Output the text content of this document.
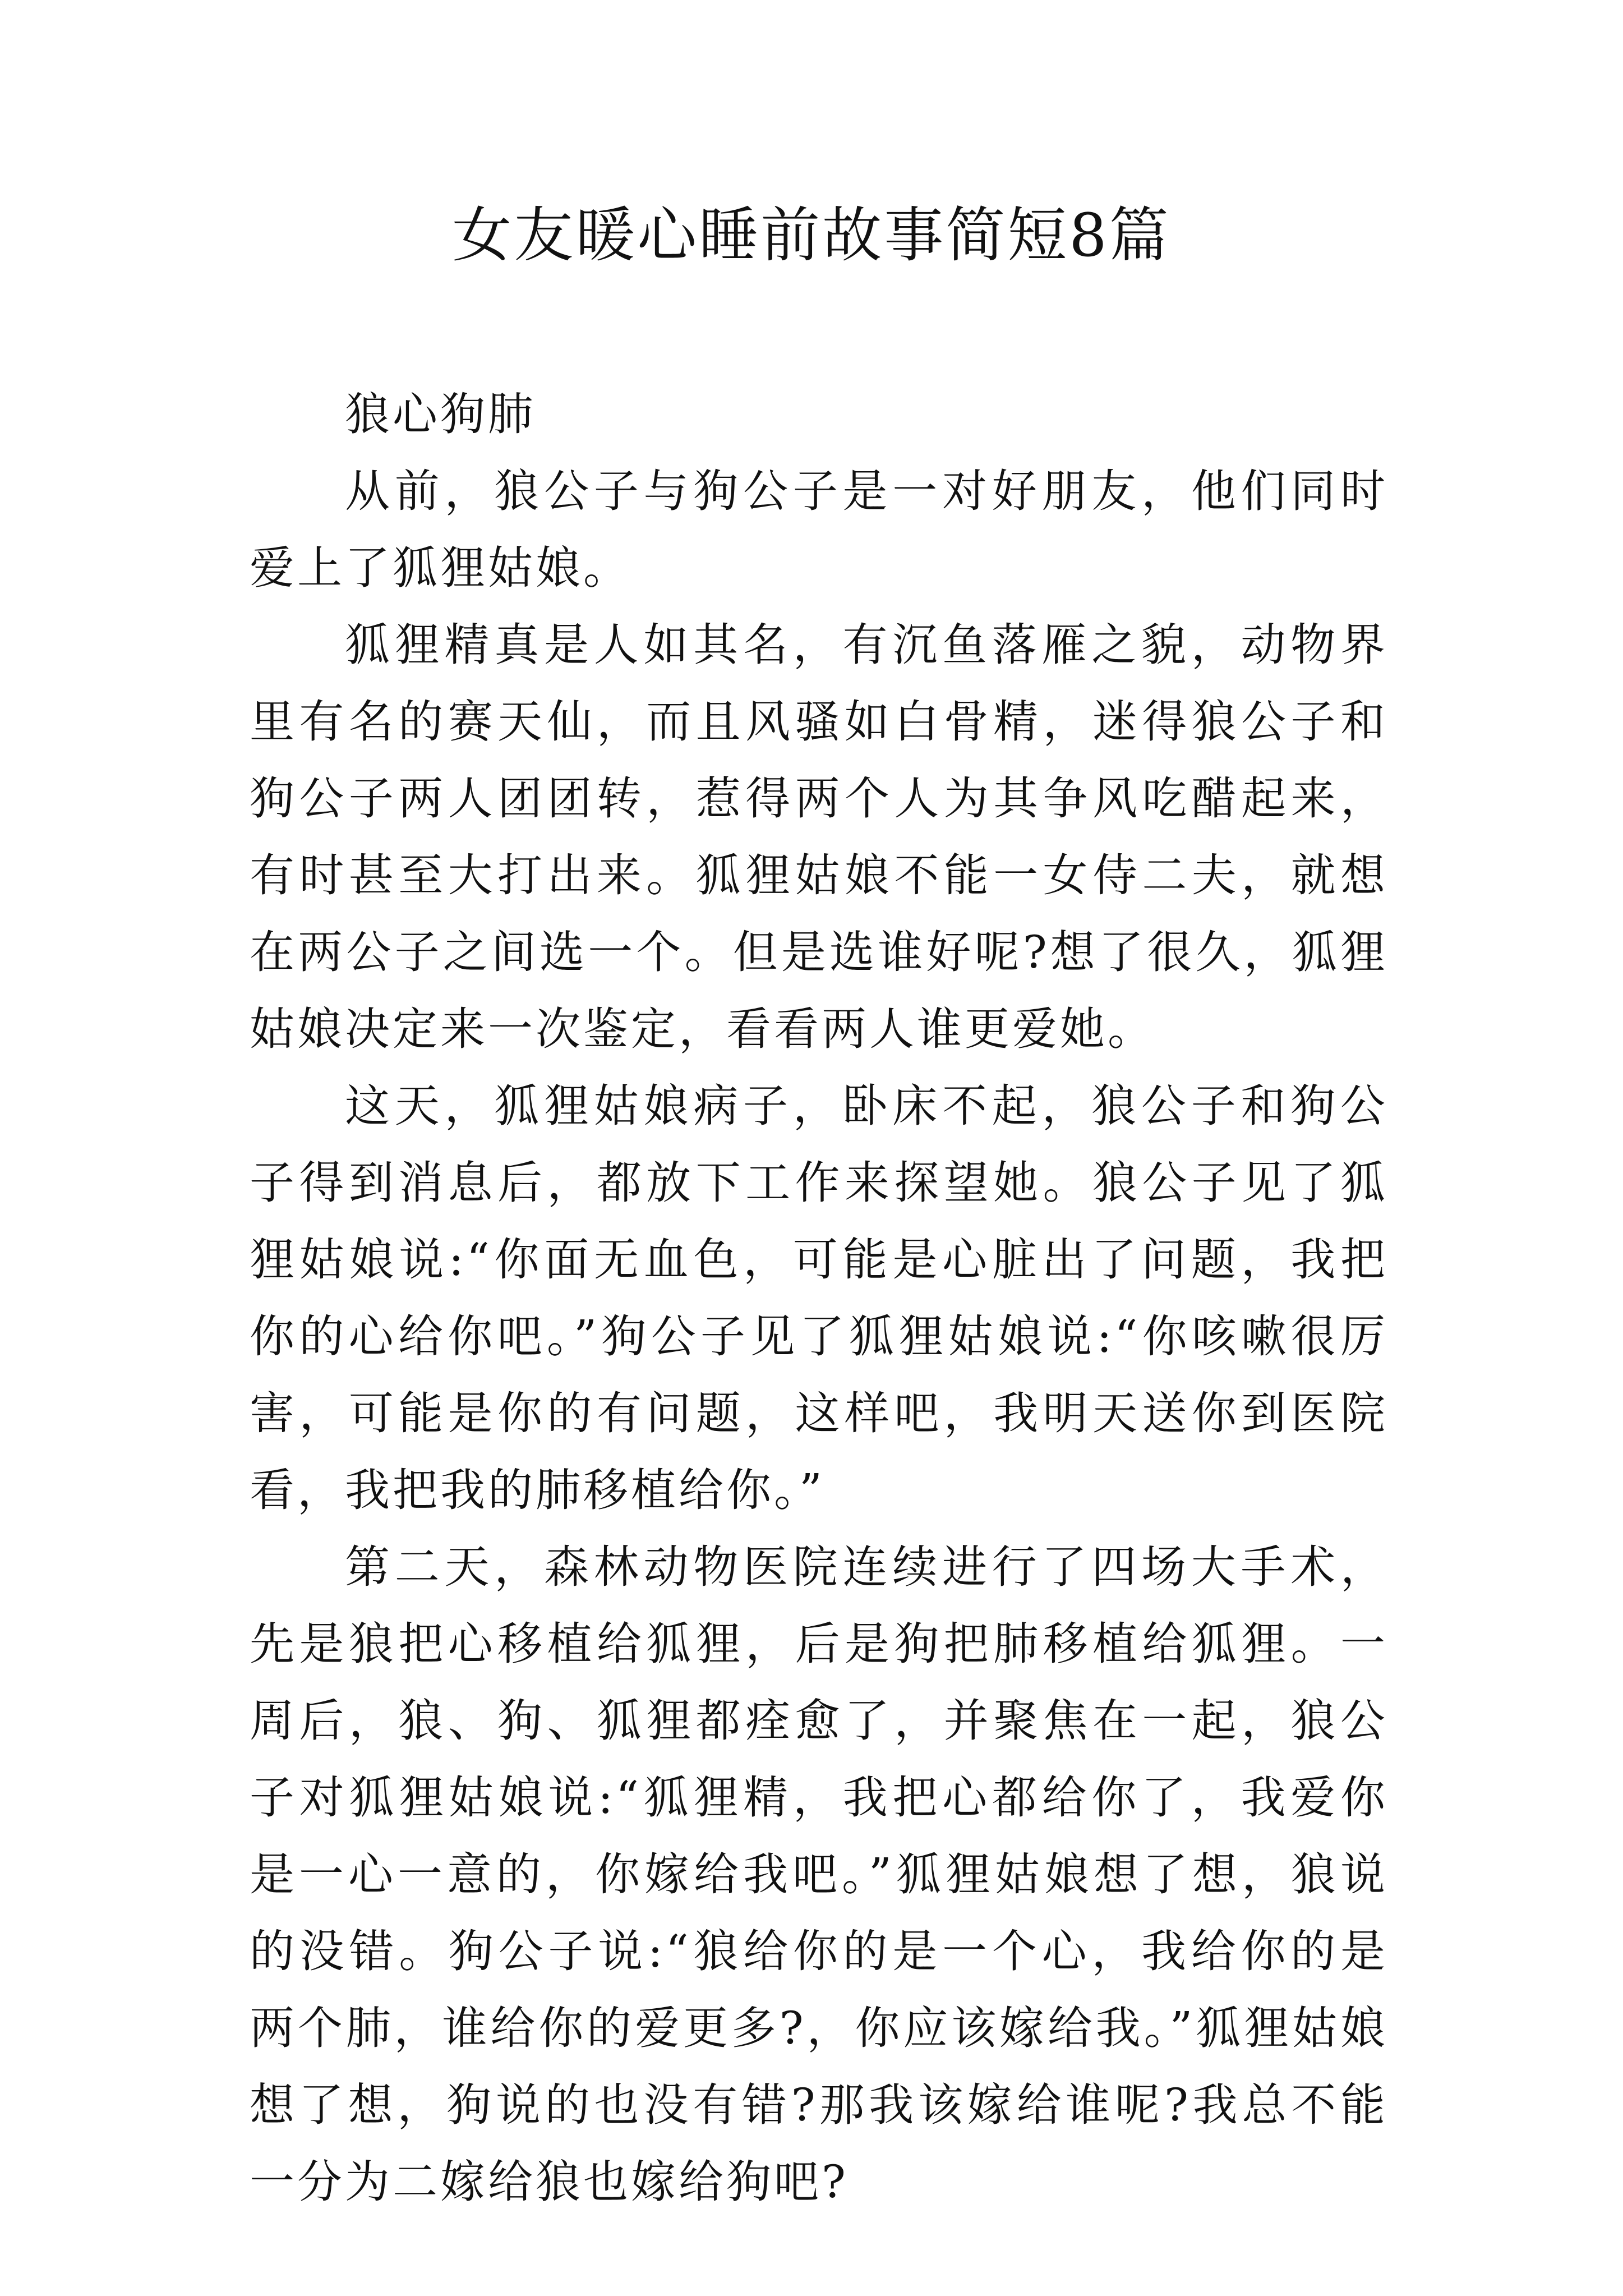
女友暖心睡前故事简短8篇

狼心狗肺

从前，狼公子与狗公子是一对好朋友，他们同时爱上了狐狸姑娘。

狐狸精真是人如其名，有沉鱼落雁之貌，动物界里有名的赛天仙，而且风骚如白骨精，迷得狼公子和狗公子两人团团转，惹得两个人为其争风吃醋起来，有时甚至大打出来。狐狸姑娘不能一女侍二夫，就想在两公子之间选一个。但是选谁好呢?想了很久，狐狸姑娘决定来一次鉴定，看看两人谁更爱她。

这天，狐狸姑娘病子，卧床不起，狼公子和狗公子得到消息后，都放下工作来探望她。狼公子见了狐狸姑娘说:“你面无血色，可能是心脏出了问题，我把你的心给你吧。”狗公子见了狐狸姑娘说:“你咳嗽很厉害，可能是你的有问题，这样吧，我明天送你到医院看，我把我的肺移植给你。”

第二天，森林动物医院连续进行了四场大手术，先是狼把心移植给狐狸，后是狗把肺移植给狐狸。一周后，狼、狗、狐狸都痊愈了，并聚焦在一起，狼公子对狐狸姑娘说:“狐狸精，我把心都给你了，我爱你是一心一意的，你嫁给我吧。”狐狸姑娘想了想，狼说的没错。狗公子说:“狼给你的是一个心，我给你的是两个肺，谁给你的爱更多?，你应该嫁给我。”狐狸姑娘想了想，狗说的也没有错?那我该嫁给谁呢?我总不能一分为二嫁给狼也嫁给狗吧?
